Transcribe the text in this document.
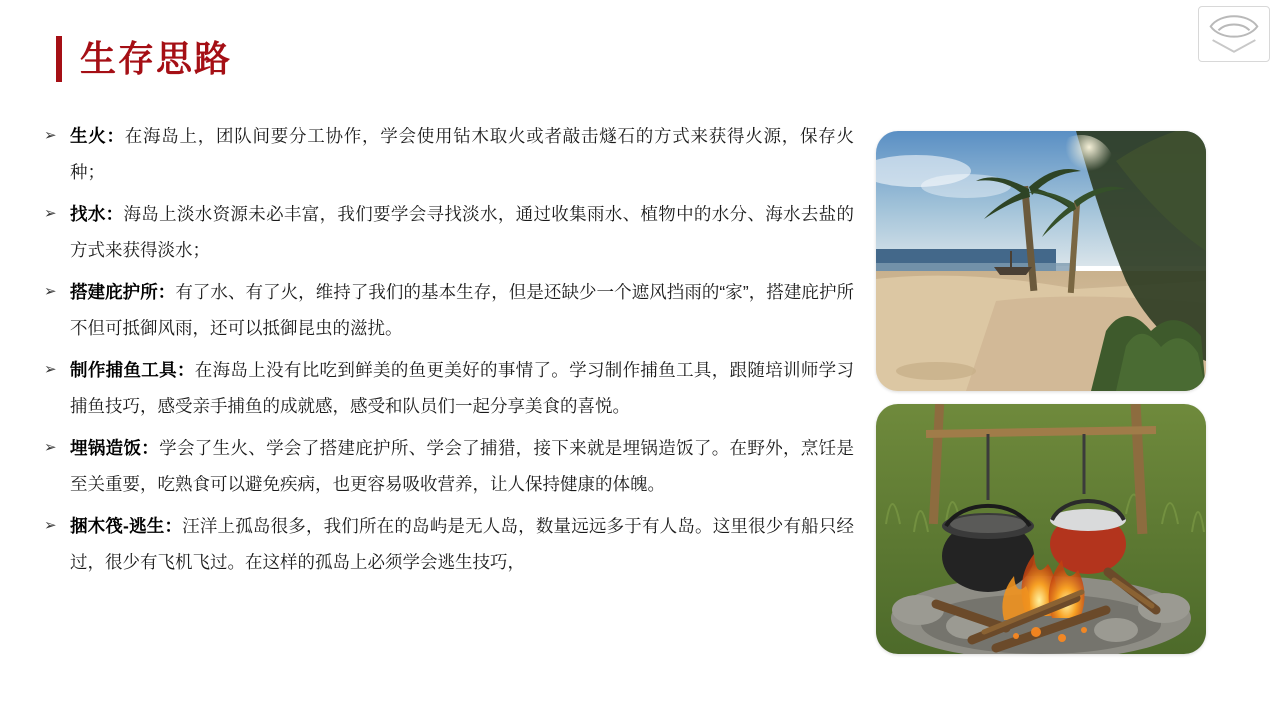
生存思路
➢ 生火：在海岛上，团队间要分工协作，学会使用钻木取火或者敲击燧石的方式来获得火源，保存火种；
➢ 找水：海岛上淡水资源未必丰富，我们要学会寻找淡水，通过收集雨水、植物中的水分、海水去盐的方式来获得淡水；
➢ 搭建庇护所：有了水、有了火，维持了我们的基本生存，但是还缺少一个遮风挡雨的“家”，搭建庇护所不但可抵御风雨，还可以抵御昆虫的滋扰。
➢ 制作捕鱼工具：在海岛上没有比吃到鲜美的鱼更美好的事情了。学习制作捕鱼工具，跟随培训师学习捕鱼技巧，感受亲手捕鱼的成就感，感受和队员们一起分享美食的喜悦。
➢ 埋锅造饭：学会了生火、学会了搭建庇护所、学会了捕猎，接下来就是埋锅造饭了。在野外，烹饪是至关重要，吃熟食可以避免疾病，也更容易吸收营养，让人保持健康的体魄。
➢ 捆木筏-逃生：汪洋上孤岛很多，我们所在的岛屿是无人岛，数量远远多于有人岛。这里很少有船只经过，很少有飞机飞过。在这样的孤岛上必须学会逃生技巧，
